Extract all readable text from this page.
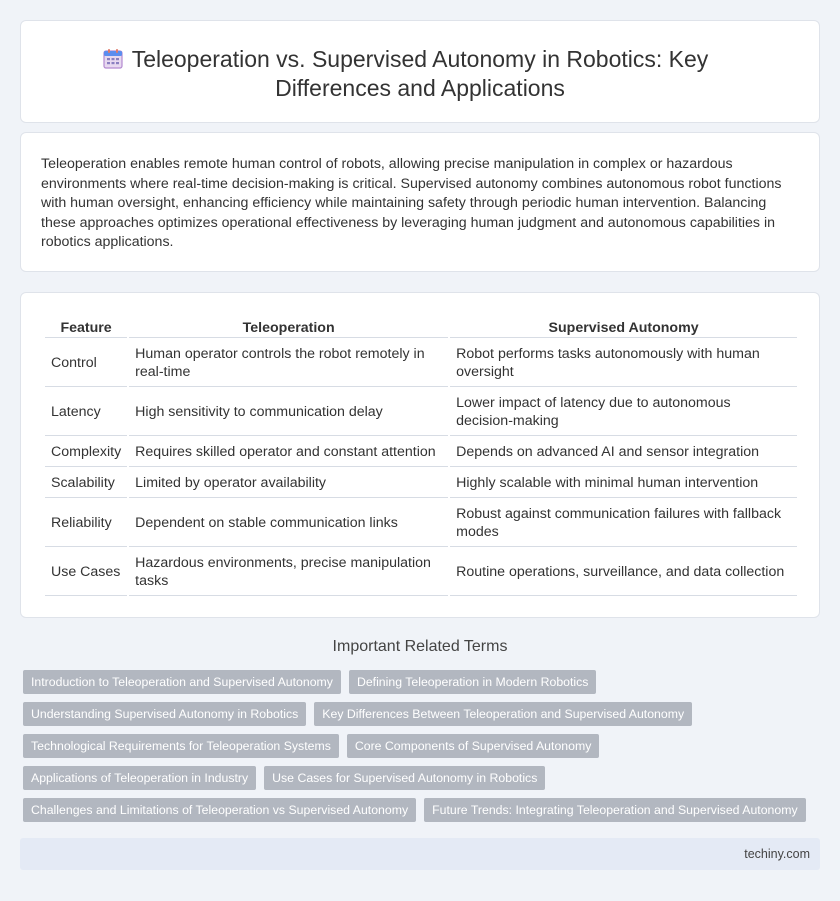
Teleoperation vs. Supervised Autonomy in Robotics: Key
Differences and Applications

Teleoperation enables remote human control of robots, allowing precise manipulation in complex or hazardous environments where real-time decision-making is critical. Supervised autonomy combines autonomous robot functions with human oversight, enhancing efficiency while maintaining safety through periodic human intervention. Balancing these approaches optimizes operational effectiveness by leveraging human judgment and autonomous capabilities in robotics applications.

Feature	Teleoperation	Supervised Autonomy
Control	Human operator controls the robot remotely in real-time	Robot performs tasks autonomously with human oversight
Latency	High sensitivity to communication delay	Lower impact of latency due to autonomous decision-making
Complexity	Requires skilled operator and constant attention	Depends on advanced AI and sensor integration
Scalability	Limited by operator availability	Highly scalable with minimal human intervention
Reliability	Dependent on stable communication links	Robust against communication failures with fallback modes
Use Cases	Hazardous environments, precise manipulation tasks	Routine operations, surveillance, and data collection
Important Related Terms
Introduction to Teleoperation and Supervised Autonomy	Defining Teleoperation in Modern Robotics
Understanding Supervised Autonomy in Robotics	Key Differences Between Teleoperation and Supervised Autonomy
Technological Requirements for Teleoperation Systems	Core Components of Supervised Autonomy
Applications of Teleoperation in Industry	Use Cases for Supervised Autonomy in Robotics
Challenges and Limitations of Teleoperation vs Supervised Autonomy	Future Trends: Integrating Teleoperation and Supervised Autonomy
techiny.com
